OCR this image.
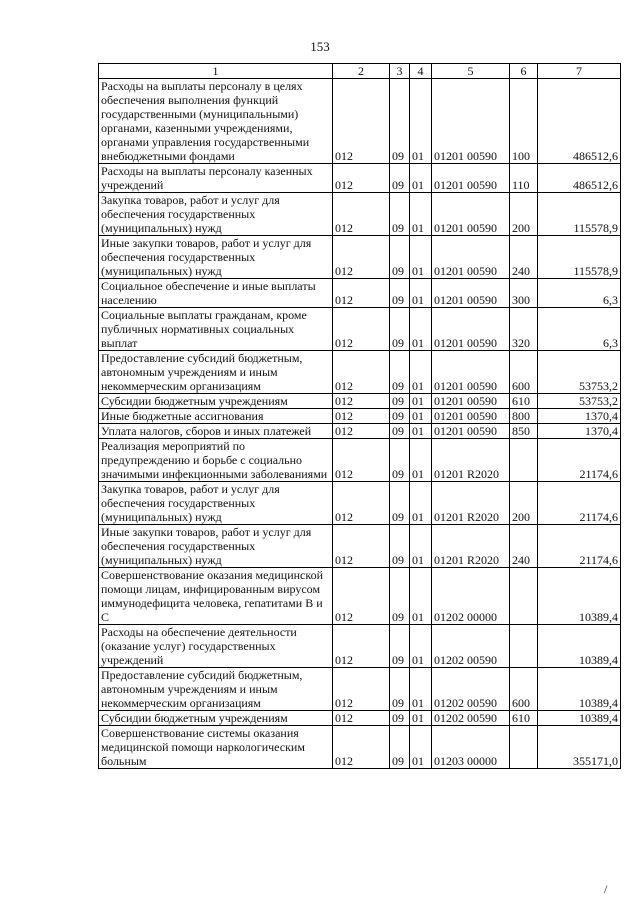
153
1	2	3	4	5	6	7
Расходы на выплаты персоналу в целях обеспечения выполнения функций государственными (муниципальными) органами, казенными учреждениями, органами управления государственными внебюджетными фондами	012	09	01	01201 00590	100	486512,6
Расходы на выплаты персоналу казенных учреждений	012	09	01	01201 00590	110	486512,6
Закупка товаров, работ и услуг для обеспечения государственных (муниципальных) нужд	012	09	01	01201 00590	200	115578,9
Иные закупки товаров, работ и услуг для обеспечения государственных (муниципальных) нужд	012	09	01	01201 00590	240	115578,9
Социальное обеспечение и иные выплаты населению	012	09	01	01201 00590	300	6,3
Социальные выплаты гражданам, кроме публичных нормативных социальных выплат	012	09	01	01201 00590	320	6,3
Предоставление субсидий бюджетным, автономным учреждениям и иным некоммерческим организациям	012	09	01	01201 00590	600	53753,2
Субсидии бюджетным учреждениям	012	09	01	01201 00590	610	53753,2
Иные бюджетные ассигнования	012	09	01	01201 00590	800	1370,4
Уплата налогов, сборов и иных платежей	012	09	01	01201 00590	850	1370,4
Реализация мероприятий по предупреждению и борьбе с социально значимыми инфекционными заболеваниями	012	09	01	01201 R2020		21174,6
Закупка товаров, работ и услуг для обеспечения государственных (муниципальных) нужд	012	09	01	01201 R2020	200	21174,6
Иные закупки товаров, работ и услуг для обеспечения государственных (муниципальных) нужд	012	09	01	01201 R2020	240	21174,6
Совершенствование оказания медицинской помощи лицам, инфицированным вирусом иммунодефицита человека, гепатитами В и С	012	09	01	01202 00000		10389,4
Расходы на обеспечение деятельности (оказание услуг) государственных учреждений	012	09	01	01202 00590		10389,4
Предоставление субсидий бюджетным, автономным учреждениям и иным некоммерческим организациям	012	09	01	01202 00590	600	10389,4
Субсидии бюджетным учреждениям	012	09	01	01202 00590	610	10389,4
Совершенствование системы оказания медицинской помощи наркологическим больным	012	09	01	01203 00000		355171,0
/
